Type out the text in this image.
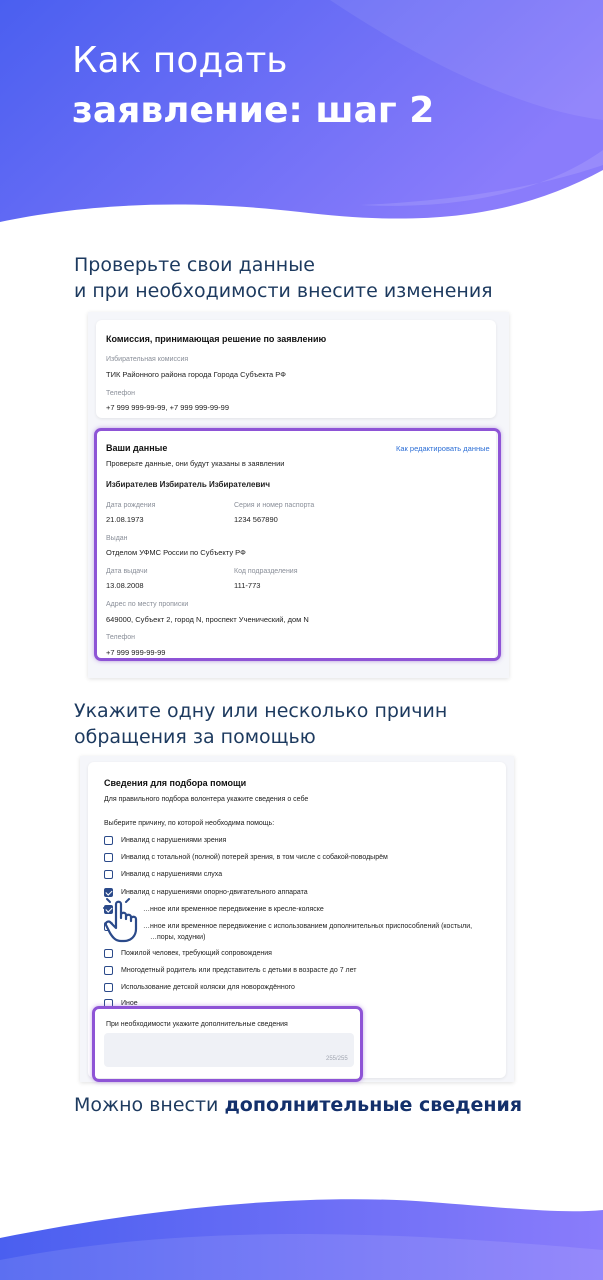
Как подать
заявление: шаг 2
Проверьте свои данные
и при необходимости внесите изменения
Комиссия, принимающая решение по заявлению
Избирательная комиссия
ТИК Районного района города Города Субъекта РФ
Телефон
+7 999 999-99-99, +7 999 999-99-99
Ваши данные	Как редактировать данные
Проверьте данные, они будут указаны в заявлении
Избирателев Избиратель Избирателевич
Дата рождения
21.08.1973
Серия и номер паспорта
1234 567890
Выдан
Отделом УФМС России по Субъекту РФ
Дата выдачи
13.08.2008
Код подразделения
111-773
Адрес по месту прописки
649000, Субъект 2, город N, проспект Ученический, дом N
Телефон
+7 999 999-99-99
Укажите одну или несколько причин
обращения за помощью
Сведения для подбора помощи
Для правильного подбора волонтера укажите сведения о себе
Выберите причину, по которой необходима помощь:
Инвалид с нарушениями зрения
Инвалид с тотальной (полной) потерей зрения, в том числе с собакой-поводырём
Инвалид с нарушениями слуха
Инвалид с нарушениями опорно-двигательного аппарата
…нное или временное передвижение в кресле-коляске
…нное или временное передвижение с использованием дополнительных приспособлений (костыли,
…поры, ходунки)
Пожилой человек, требующий сопровождения
Многодетный родитель или представитель с детьми в возрасте до 7 лет
Использование детской коляски для новорождённого
Иное
При необходимости укажите дополнительные сведения
255/255
Можно внести дополнительные сведения
